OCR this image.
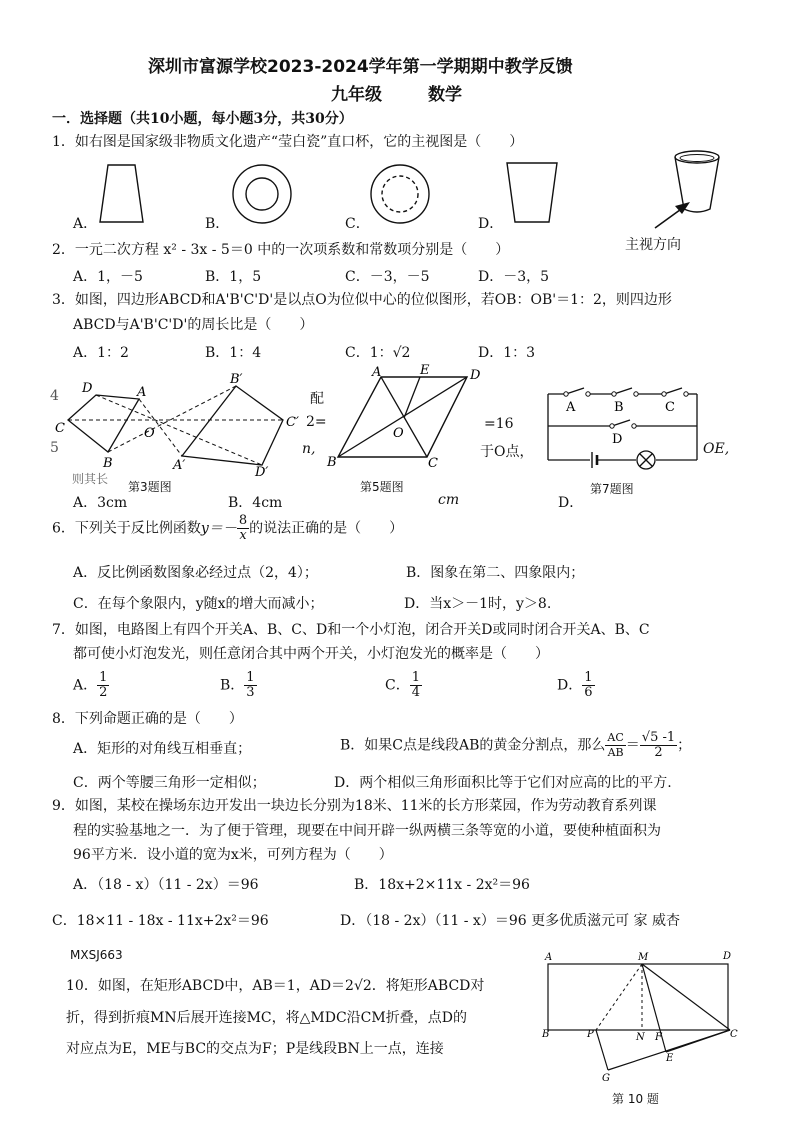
深圳市富源学校2023-2024学年第一学期期中教学反馈
九年级	数学
一．选择题（共10小题，每小题3分，共30分）
1．如右图是国家级非物质文化遗产“莹白瓷”直口杯，它的主视图是（　　）
A．	B．	C．	D．
主视方向
2．一元二次方程 x² - 3x - 5＝0 中的一次项系数和常数项分别是（　　）
A．1，－5	B．1，5	C．－3，－5	D．－3，5
3．如图，四边形ABCD和A'B'C'D'是以点O为位似中心的位似图形，若OB：OB'＝1：2，则四边形
ABCD与A'B'C'D'的周长比是（　　）
A．1：2	B．1：4	C．1：√2	D．1：3
4	配
5
2=
n,
=16
于O点，	OE,
则其长
A．3cm	B．4cm	cm	D．
D	A
C	O
B
B′
C′
A′	D′
第3题图
A	E	D
O
B	C
第5题图
A	B	C
D
第7题图
6．下列关于反比例函数$y=- \frac{8}{x}$ 的说法正确的是（　　）
A．反比例函数图象必经过点（2，4）；	B．图象在第二、四象限内；
C．在每个象限内，y随x的增大而减小；	D．当x＞－1时，y＞8.
7．如图，电路图上有四个开关A、B、C、D和一个小灯泡，闭合开关D或同时闭合开关A、B、C
都可使小灯泡发光，则任意闭合其中两个开关，小灯泡发光的概率是（　　）
A． $\frac{1}{2}$	B． $\frac{1}{3}$	C． $\frac{1}{4}$	D． $\frac{1}{6}$
8．下列命题正确的是（　　）
A．矩形的对角线互相垂直；	B．如果C点是线段AB的黄金分割点，那么 $\frac{AC}{AB} = \frac{√5 -1}{2}$ ；
C．两个等腰三角形一定相似；	D．两个相似三角形面积比等于它们对应高的比的平方.
9．如图，某校在操场东边开发出一块边长分别为18米、11米的长方形菜园，作为劳动教育系列课
程的实验基地之一．为了便于管理，现要在中间开辟一纵两横三条等宽的小道，要使种植面积为
96平方米．设小道的宽为x米，可列方程为（　　）
A．（18 - x）（11 - 2x）＝96	B．18x+2×11x - 2x²＝96
C．18×11 - 18x - 11x+2x²＝96	D．（18 - 2x）（11 - x）＝96 更多优质滋元可 家 威杏
MXSJ663
10．如图，在矩形ABCD中，AB＝1，AD＝2√2．将矩形ABCD对
折，得到折痕MN后展开连接MC，将△MDC沿CM折叠，点D的
对应点为E，ME与BC的交点为F；P是线段BN上一点，连接
A	M	D
B	P	N F	C
E
G
第 10 题
